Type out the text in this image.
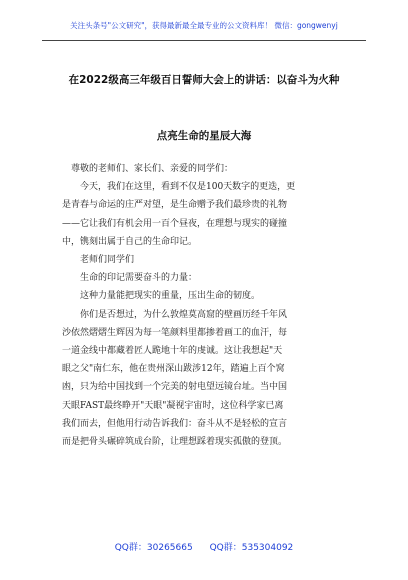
关注头条号"公文研究"，获得最新最全最专业的公文资料库！ 微信：gongwenyj
在2022级高三年级百日誓师大会上的讲话：以奋斗为火种
点亮生命的星辰大海

尊敬的老师们、家长们、亲爱的同学们：

今天，我们在这里，看到不仅是100天数字的更迭，更

是青春与命运的庄严对望，是生命赠予我们最珍贵的礼物

——它让我们有机会用一百个昼夜，在理想与现实的碰撞

中，镌刻出属于自己的生命印记。

老师们同学们

生命的印记需要奋斗的力量：

这种力量能把现实的重量，压出生命的韧度。

你们是否想过，为什么敦煌莫高窟的壁画历经千年风

沙依然熠熠生辉因为每一笔颜料里都掺着画工的血汗，每

一道金线中都藏着匠人跪地十年的虔诚。这让我想起"天

眼之父"南仁东，他在贵州深山跋涉12年，踏遍上百个窝

凼，只为给中国找到一个完美的射电望远镜台址。当中国

天眼FAST最终睁开"天眼"凝视宇宙时，这位科学家已离

我们而去，但他用行动告诉我们：奋斗从不是轻松的宣言

而是把骨头碾碎筑成台阶，让理想踩着现实孤傲的登顶。

QQ群：30265665 QQ群：535304092
